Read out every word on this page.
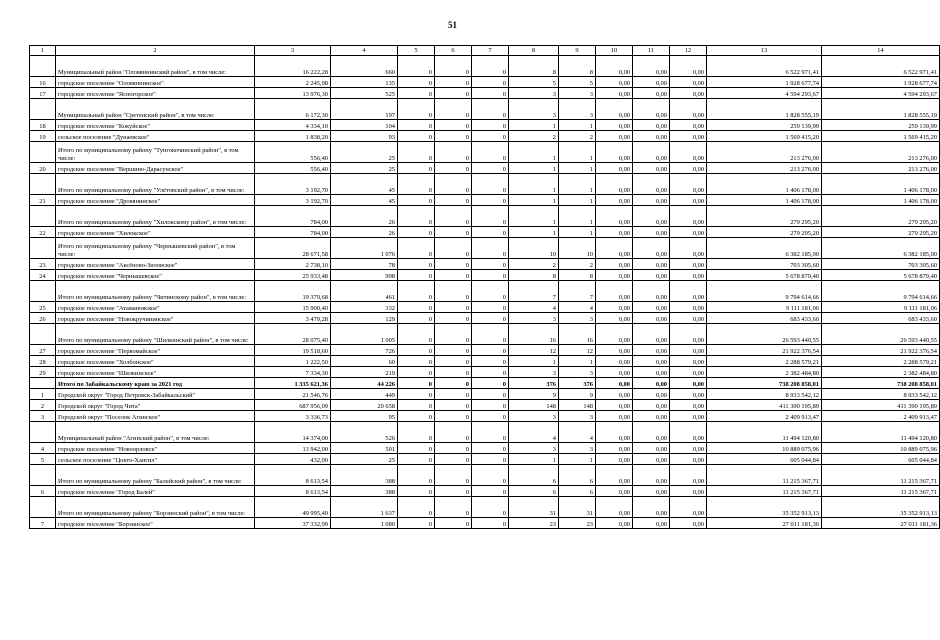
51
1	2	3	4	5	6	7	8	9	10	11	12	13	14
	Муниципальный район "Оловяннинский район", в том числе:	16 222,28	660	0	0	0	8	8	0,00	0,00	0,00	6 522 971,41	6 522 971,41
16	городское поселение "Оловяннинское"	2 245,98	135	0	0	0	5	5	0,00	0,00	0,00	1 928 677,74	1 928 677,74
17	городское поселение "Ясногорское"	13 976,30	525	0	0	0	3	3	0,00	0,00	0,00	4 594 293,67	4 594 293,67
	Муниципальный район "Сретенский район", в том числе:	6 172,30	197	0	0	0	3	3	0,00	0,00	0,00	1 828 555,19	1 828 555,19
18	городское поселение "Кокуйское"	4 334,10	104	0	0	0	1	1	0,00	0,00	0,00	259 139,99	259 139,99
19	сельское поселение "Дунаевское"	1 838,20	93	0	0	0	2	2	0,00	0,00	0,00	1 569 415,20	1 569 415,20
	Итого по муниципальному району "Тунгокочинский район", в том числе:	556,40	25	0	0	0	1	1	0,00	0,00	0,00	213 276,00	213 276,00
20	городское поселение "Вершино-Дарасунское"	556,40	25	0	0	0	1	1	0,00	0,00	0,00	213 276,00	213 276,00
	Итого по муниципальному району "Улётовский район", в том числе:	3 192,70	45	0	0	0	1	1	0,00	0,00	0,00	1 406 178,00	1 406 178,00
21	городское поселение "Дровянинское"	3 192,70	45	0	0	0	1	1	0,00	0,00	0,00	1 406 178,00	1 406 178,00
	Итого по муниципальному району "Хилокскому район", в том числе:	784,00	26	0	0	0	1	1	0,00	0,00	0,00	279 295,20	279 295,20
22	городское поселение "Хилокское"	784,00	26	0	0	0	1	1	0,00	0,00	0,00	279 295,20	279 295,20
	Итого по муниципальному району "Чернышевский район", в том числе:	28 671,58	1 076	0	0	0	10	10	0,00	0,00	0,00	6 382 185,00	6 382 185,00
23	городское поселение "Аксёново-Зиловское"	2 738,10	78	0	0	0	2	2	0,00	0,00	0,00	703 305,60	703 305,60
24	городское поселение "Чернышевское"	25 933,48	998	0	0	0	8	8	0,00	0,00	0,00	5 678 879,40	5 678 879,40
	Итого по муниципальному району "Читинскому район", в том числе:	19 379,68	461	0	0	0	7	7	0,00	0,00	0,00	9 794 614,66	9 794 614,66
25	городское поселение "Атамановское"	15 900,40	332	0	0	0	4	4	0,00	0,00	0,00	9 111 181,06	9 111 181,06
26	городское поселение "Новокручининское"	3 479,28	129	0	0	0	3	3	0,00	0,00	0,00	683 433,60	683 433,60
	Итого по муниципальному району "Шилкинский район", в том числе:	28 075,40	1 005	0	0	0	16	16	0,00	0,00	0,00	26 593 440,55	26 593 440,55
27	городское поселение "Первомайское"	19 518,60	726	0	0	0	12	12	0,00	0,00	0,00	21 922 376,54	21 922 376,54
28	городское поселение "Холбонское"	1 222,50	60	0	0	0	1	1	0,00	0,00	0,00	2 288 579,21	2 288 579,21
29	городское поселение "Шилкинское"	7 334,30	219	0	0	0	3	3	0,00	0,00	0,00	2 382 484,80	2 382 484,80
	Итого по Забайкальскому краю за 2021 год	1 335 621,36	44 226	0	0	0	376	376	0,00	0,00	0,00	738 208 858,01	738 208 858,01
1	Городской округ "Город Петровск-Забайкальский"	21 546,76	449	0	0	0	9	9	0,00	0,00	0,00	8 933 542,12	8 933 542,12
2	Городской округ "Город Чита"	687 956,09	20 658	0	0	0	148	148	0,00	0,00	0,00	411 390 195,89	411 390 195,89
3	Городской округ "Поселок Агинское"	3 336,73	95	0	0	0	3	3	0,00	0,00	0,00	2 409 913,47	2 409 913,47
	Муниципальный район "Агинский район", в том числе:	14 374,00	526	0	0	0	4	4	0,00	0,00	0,00	11 494 120,80	11 494 120,80
4	городское поселение "Новоорловск"	13 942,00	501	0	0	0	3	3	0,00	0,00	0,00	10 889 075,96	10 889 075,96
5	сельское поселение "Цокто-Хангил"	432,00	25	0	0	0	1	1	0,00	0,00	0,00	605 044,84	605 044,84
	Итого по муниципальному району "Балейский район", в том числе:	8 613,54	388	0	0	0	6	6	0,00	0,00	0,00	11 215 367,71	11 215 367,71
6	городское поселение "Город Балей"	8 613,54	388	0	0	0	6	6	0,00	0,00	0,00	11 215 367,71	11 215 367,71
	Итого по муниципальному району "Борзинский район", в том числе:	49 995,49	1 637	0	0	0	31	31	0,00	0,00	0,00	35 352 913,13	35 352 913,13
7	городское поселение "Борзинское"	37 332,99	1 080	0	0	0	23	23	0,00	0,00	0,00	27 011 181,36	27 011 181,36
